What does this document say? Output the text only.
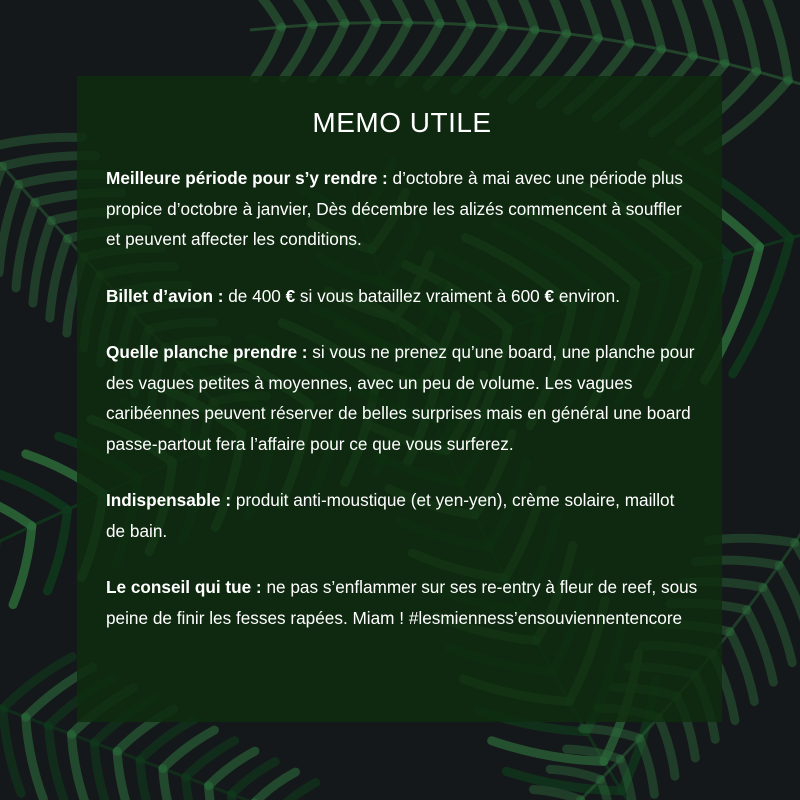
MEMO UTILE
Meilleure période pour s’y rendre : d’octobre à mai avec une période plus propice d’octobre à janvier, Dès décembre les alizés commencent à souffler et peuvent affecter les conditions.
Billet d’avion : de 400 € si vous bataillez vraiment à 600 € environ.
Quelle planche prendre : si vous ne prenez qu’une board, une planche pour des vagues petites à moyennes, avec un peu de volume. Les vagues caribéennes peuvent réserver de belles surprises mais en général une board passe-partout fera l’affaire pour ce que vous surferez.
Indispensable : produit anti-moustique (et yen-yen), crème solaire, maillot de bain.
Le conseil qui tue : ne pas s’enflammer sur ses re-entry à fleur de reef, sous peine de finir les fesses rapées. Miam ! #lesmienness’ensouviennentencore
